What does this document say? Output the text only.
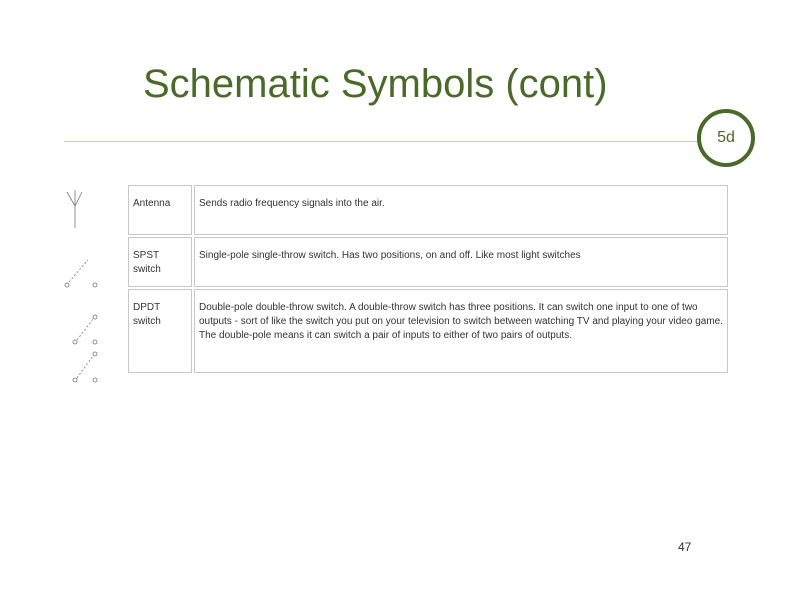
Schematic Symbols (cont)
5d
Antenna	Sends radio frequency signals into the air.
SPST switch	Single-pole single-throw switch. Has two positions, on and off. Like most light switches
DPDT switch	Double-pole double-throw switch. A double-throw switch has three positions. It can switch one input to one of two outputs - sort of like the switch you put on your television to switch between watching TV and playing your video game. The double-pole means it can switch a pair of inputs to either of two pairs of outputs.
47
